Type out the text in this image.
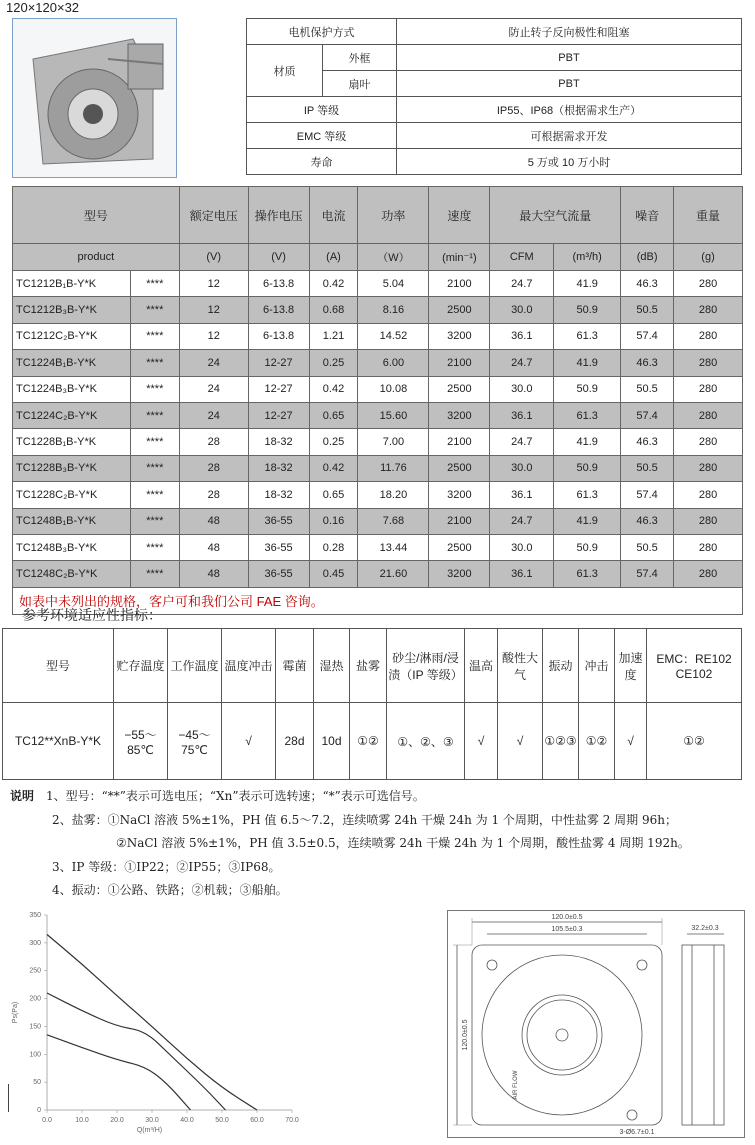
120×120×32
电机保护方式		防止转子反向极性和阻塞
材质	外框	PBT
	扇叶	PBT
IP 等级		IP55、IP68（根据需求生产）
EMC 等级		可根据需求开发
寿命		5 万或 10 万小时
型号		额定电压	操作电压	电流	功率	速度	最大空气流量		噪音	重量
product		(V)	(V)	(A)	（W）	(min⁻¹)	CFM	(m³/h)	(dB)	(g)
TC1212B₁B-Y*K	****	12	6-13.8	0.42	5.04	2100	24.7	41.9	46.3	280
TC1212B₃B-Y*K	****	12	6-13.8	0.68	8.16	2500	30.0	50.9	50.5	280
TC1212C₂B-Y*K	****	12	6-13.8	1.21	14.52	3200	36.1	61.3	57.4	280
TC1224B₁B-Y*K	****	24	12-27	0.25	6.00	2100	24.7	41.9	46.3	280
TC1224B₃B-Y*K	****	24	12-27	0.42	10.08	2500	30.0	50.9	50.5	280
TC1224C₂B-Y*K	****	24	12-27	0.65	15.60	3200	36.1	61.3	57.4	280
TC1228B₁B-Y*K	****	28	18-32	0.25	7.00	2100	24.7	41.9	46.3	280
TC1228B₃B-Y*K	****	28	18-32	0.42	11.76	2500	30.0	50.9	50.5	280
TC1228C₂B-Y*K	****	28	18-32	0.65	18.20	3200	36.1	61.3	57.4	280
TC1248B₁B-Y*K	****	48	36-55	0.16	7.68	2100	24.7	41.9	46.3	280
TC1248B₃B-Y*K	****	48	36-55	0.28	13.44	2500	30.0	50.9	50.5	280
TC1248C₂B-Y*K	****	48	36-55	0.45	21.60	3200	36.1	61.3	57.4	280
如表中未列出的规格，客户可和我们公司 FAE 咨询。										
参考环境适应性指标：
型号	贮存温度	工作温度	温度冲击	霉菌	湿热	盐雾	砂尘/淋雨/浸渍（IP 等级）	温高	酸性大气	振动	冲击	加速度	EMC：RE102 CE102
TC12**XnB-Y*K	−55～85℃	−45～75℃	√	28d	10d	①②	①、②、③	√	√	①②③	①②	√	①②
说明 1、型号：“**”表示可选电压；“Xn”表示可选转速；“*”表示可选信号。
2、盐雾：①NaCl 溶液 5%±1%，PH 值 6.5～7.2，连续喷雾 24h 干燥 24h 为 1 个周期，中性盐雾 2 周期 96h；
②NaCl 溶液 5%±1%，PH 值 3.5±0.5，连续喷雾 24h 干燥 24h 为 1 个周期，酸性盐雾 4 周期 192h。
3、IP 等级：①IP22；②IP55；③IP68。
4、振动：①公路、铁路；②机载；③船舶。
0
50
100
150
200
250
300
350
0.0	10.0	20.0	30.0	40.0	50.0	60.0	70.0
Q(m³/H)
Ps(Pa)
120.0±0.5
105.5±0.3	32.2±0.3
120.0±0.5
3-Ø6.7±0.1
AIR FLOW
